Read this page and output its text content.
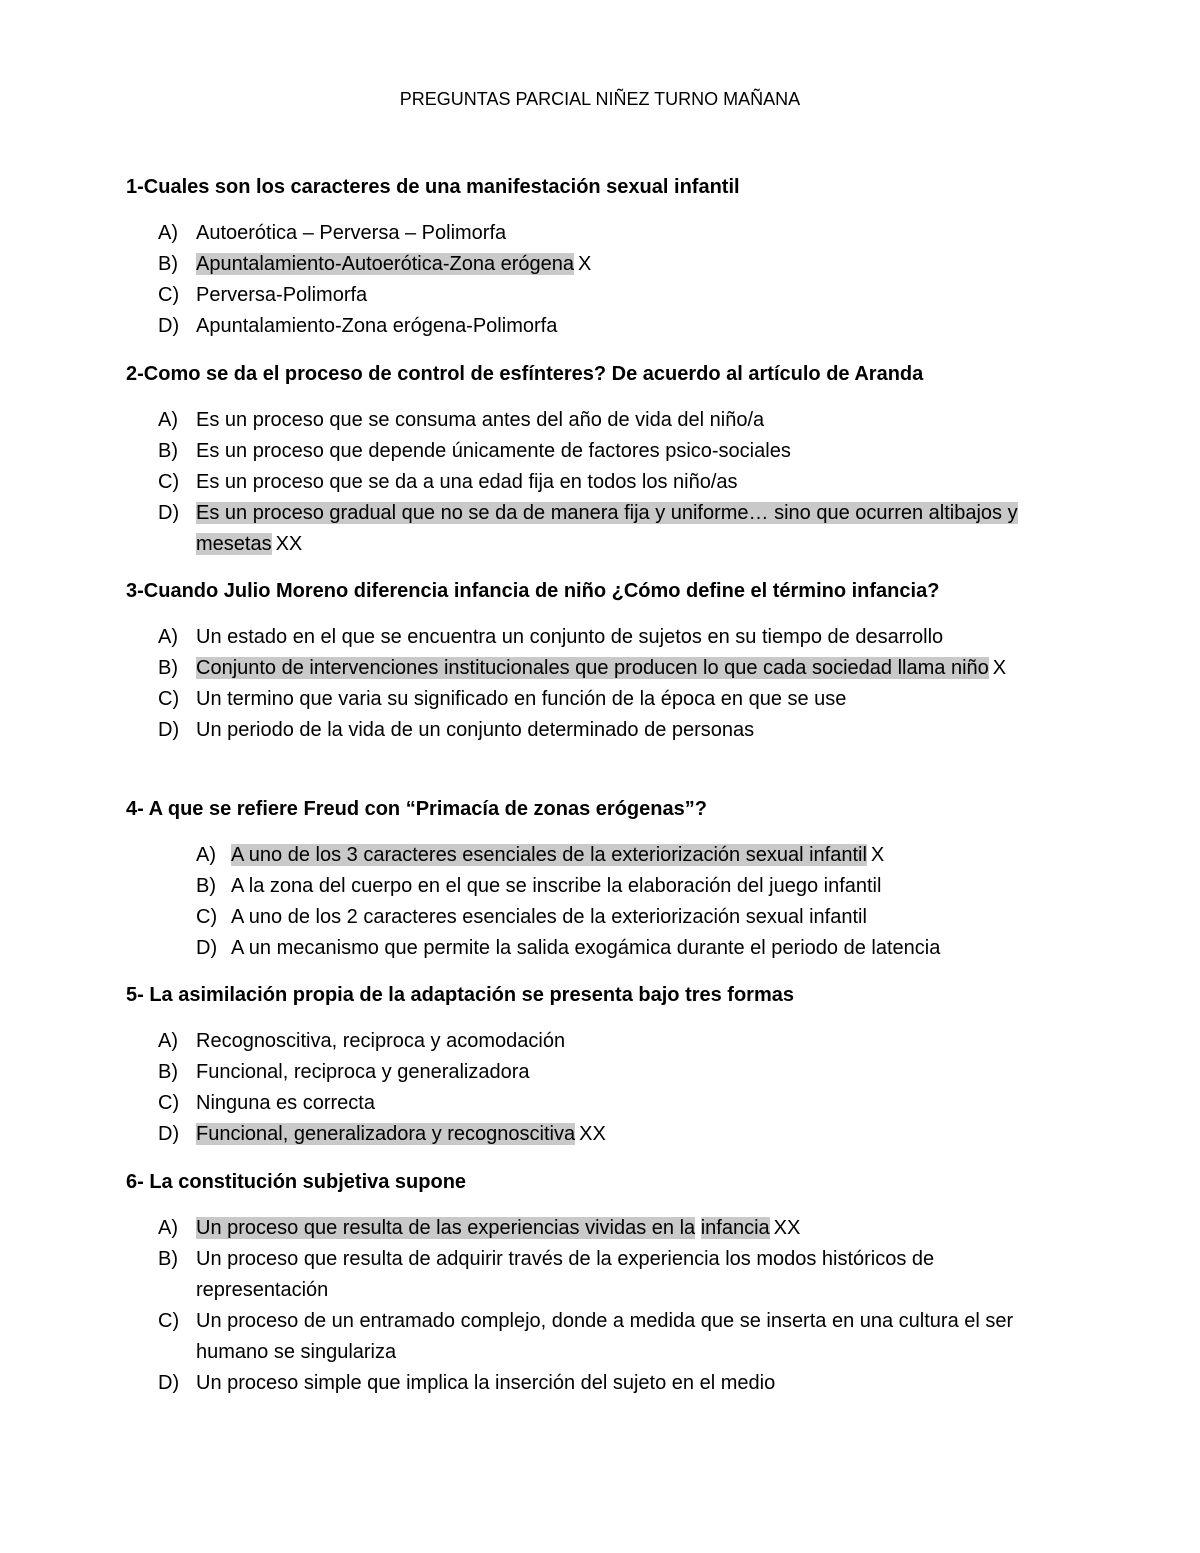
PREGUNTAS PARCIAL NIÑEZ TURNO MAÑANA
1-Cuales son los caracteres de una manifestación sexual infantil
A) Autoerótica – Perversa – Polimorfa
B) Apuntalamiento-Autoerótica-Zona erógena X
C) Perversa-Polimorfa
D) Apuntalamiento-Zona erógena-Polimorfa
2-Como se da el proceso de control de esfínteres? De acuerdo al artículo de Aranda
A) Es un proceso que se consuma antes del año de vida del niño/a
B) Es un proceso que depende únicamente de factores psico-sociales
C) Es un proceso que se da a una edad fija en todos los niño/as
D) Es un proceso gradual que no se da de manera fija y uniforme… sino que ocurren altibajos y mesetas XX
3-Cuando Julio Moreno diferencia infancia de niño ¿Cómo define el término infancia?
A) Un estado en el que se encuentra un conjunto de sujetos en su tiempo de desarrollo
B) Conjunto de intervenciones institucionales que producen lo que cada sociedad llama niño X
C) Un termino que varia su significado en función de la época en que se use
D) Un periodo de la vida de un conjunto determinado de personas
4- A que se refiere Freud con “Primacía de zonas erógenas”?
A) A uno de los 3 caracteres esenciales de la exteriorización sexual infantil X
B) A la zona del cuerpo en el que se inscribe la elaboración del juego infantil
C) A uno de los 2 caracteres esenciales de la exteriorización sexual infantil
D) A un mecanismo que permite la salida exogámica durante el periodo de latencia
5- La asimilación propia de la adaptación se presenta bajo tres formas
A) Recognoscitiva, reciproca y acomodación
B) Funcional, reciproca y generalizadora
C) Ninguna es correcta
D) Funcional, generalizadora y recognoscitiva XX
6- La constitución subjetiva supone
A) Un proceso que resulta de las experiencias vividas en la infancia XX
B) Un proceso que resulta de adquirir través de la experiencia los modos históricos de representación
C) Un proceso de un entramado complejo, donde a medida que se inserta en una cultura el ser humano se singulariza
D) Un proceso simple que implica la inserción del sujeto en el medio
